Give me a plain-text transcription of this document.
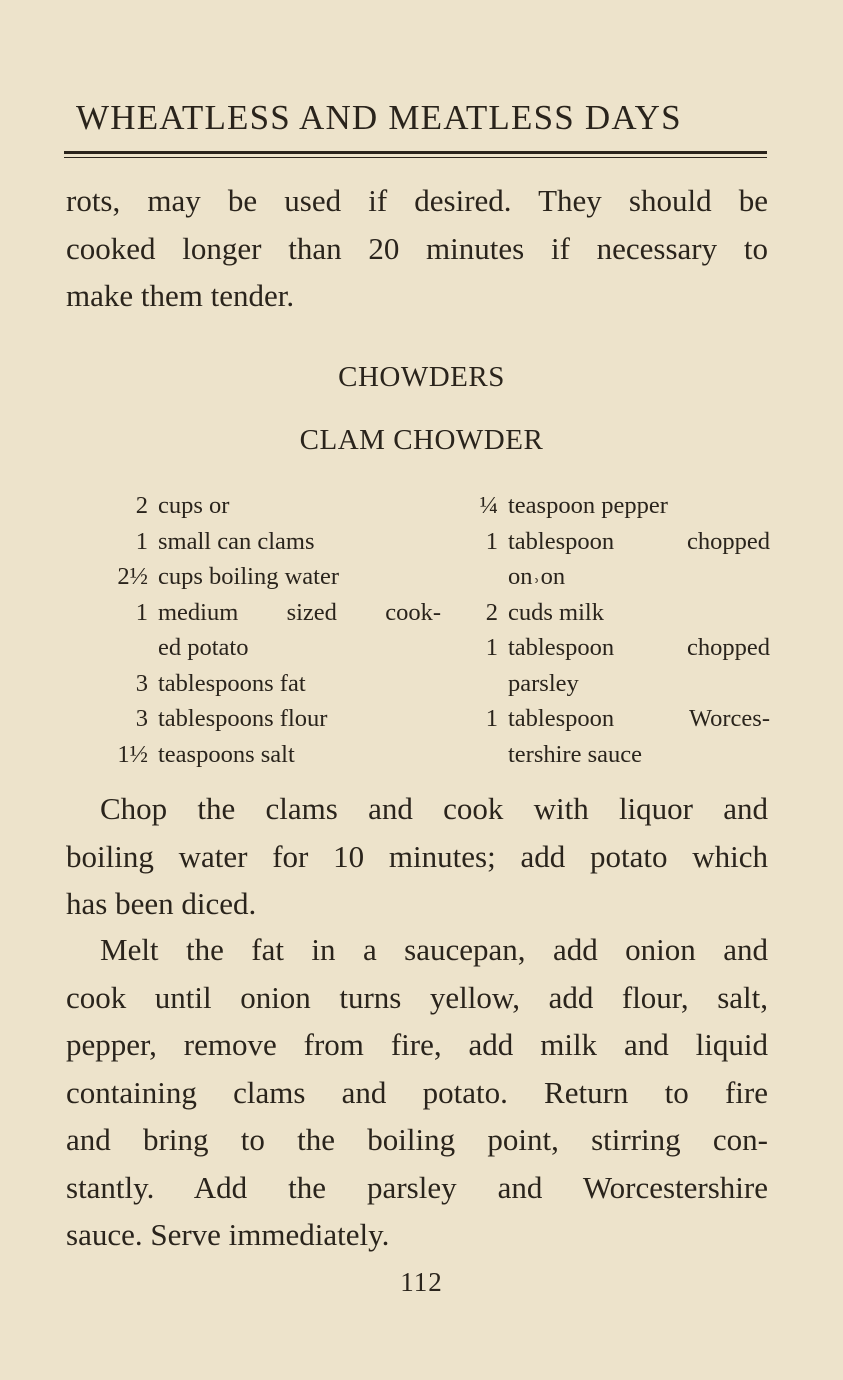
WHEATLESS AND MEATLESS DAYS

rots, may be used if desired. They should be
cooked longer than 20 minutes if necessary to
make them tender.

CHOWDERS
CLAM CHOWDER
2 cups or
1 small can clams
2½ cups boiling water
1 medium sized cook-
ed potato
3 tablespoons fat
3 tablespoons flour
1½ teaspoons salt
¼ teaspoon pepper
1 tablespoon chopped
on˒on
2 cuds milk
1 tablespoon chopped
parsley
1 tablespoon Worces-
tershire sauce

Chop the clams and cook with liquor and
boiling water for 10 minutes; add potato which
has been diced.

Melt the fat in a saucepan, add onion and
cook until onion turns yellow, add flour, salt,
pepper, remove from fire, add milk and liquid
containing clams and potato. Return to fire
and bring to the boiling point, stirring con-
stantly. Add the parsley and Worcestershire
sauce. Serve immediately.

112
